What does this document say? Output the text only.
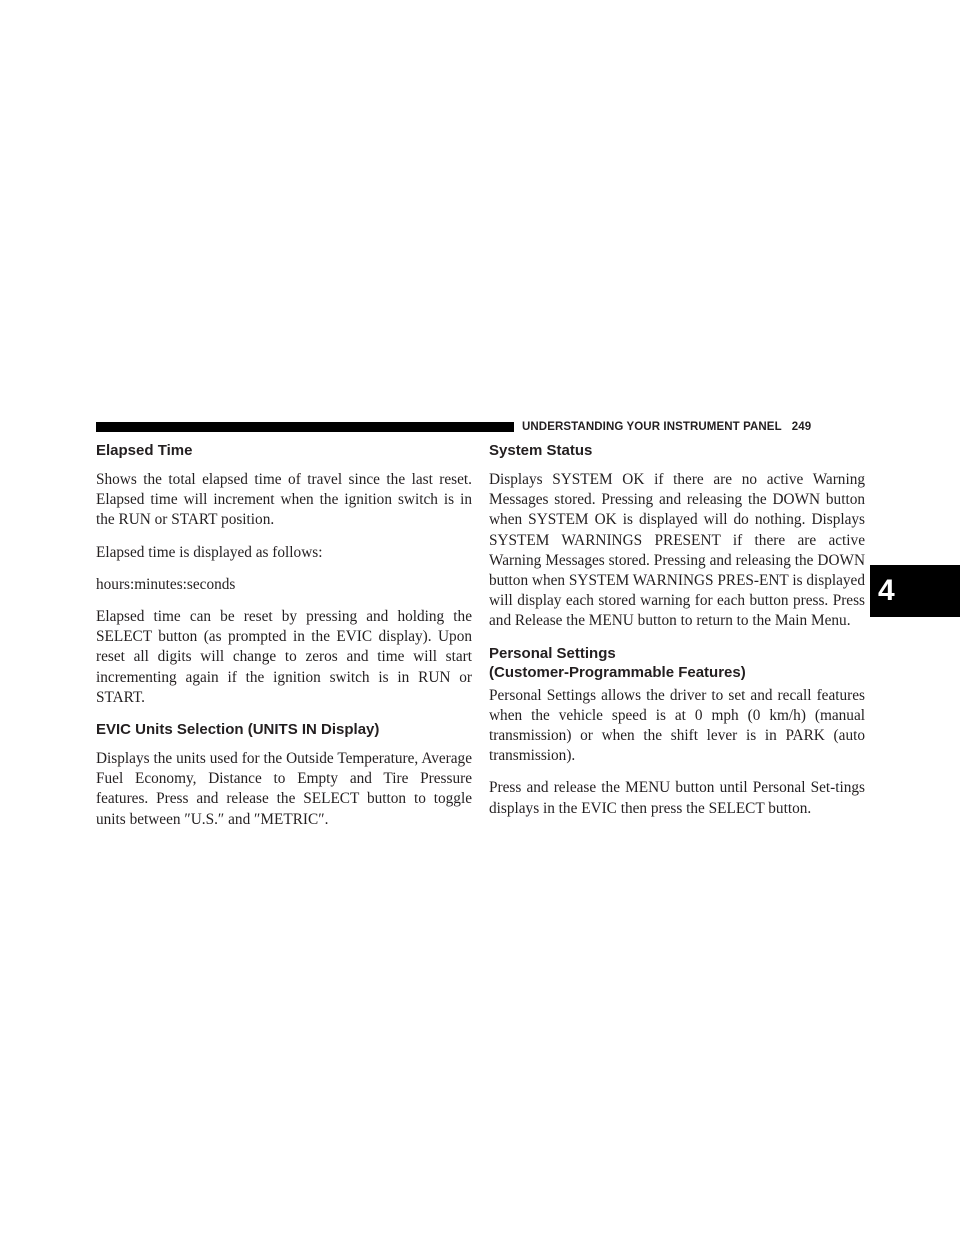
UNDERSTANDING YOUR INSTRUMENT PANEL 249
4
Elapsed Time

Shows the total elapsed time of travel since the last reset. Elapsed time will increment when the ignition switch is in the RUN or START position.

Elapsed time is displayed as follows:

hours:minutes:seconds

Elapsed time can be reset by pressing and holding the SELECT button (as prompted in the EVIC display). Upon reset all digits will change to zeros and time will start incrementing again if the ignition switch is in RUN or START.

EVIC Units Selection (UNITS IN Display)

Displays the units used for the Outside Temperature, Average Fuel Economy, Distance to Empty and Tire Pressure features. Press and release the SELECT button to toggle units between ″U.S.″ and ″METRIC″.

System Status

Displays SYSTEM OK if there are no active Warning Messages stored. Pressing and releasing the DOWN button when SYSTEM OK is displayed will do nothing. Displays SYSTEM WARNINGS PRESENT if there are active Warning Messages stored. Pressing and releasing the DOWN button when SYSTEM WARNINGS PRES-ENT is displayed will display each stored warning for each button press. Press and Release the MENU button to return to the Main Menu.

Personal Settings
(Customer-Programmable Features)

Personal Settings allows the driver to set and recall features when the vehicle speed is at 0 mph (0 km/h) (manual transmission) or when the shift lever is in PARK (auto transmission).

Press and release the MENU button until Personal Set-tings displays in the EVIC then press the SELECT button.
